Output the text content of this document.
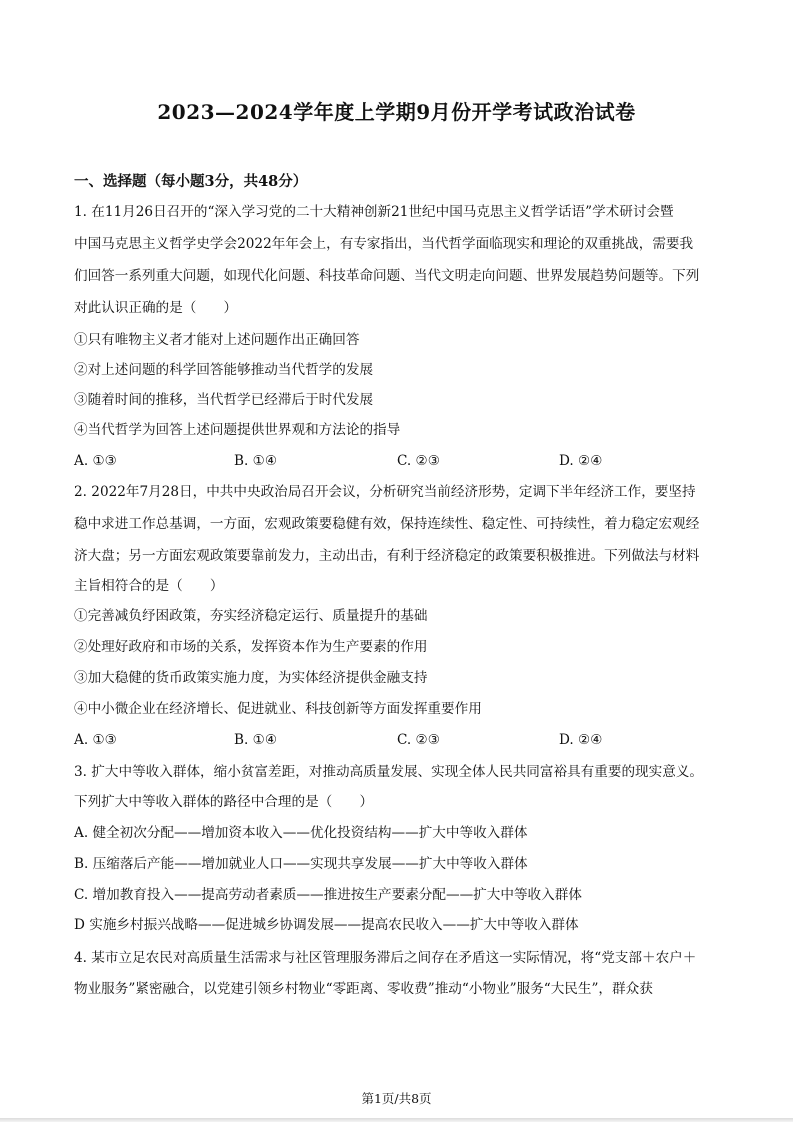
2023—2024学年度上学期9月份开学考试政治试卷
一、选择题（每小题3分，共48分）
1. 在11月26日召开的“深入学习党的二十大精神创新21世纪中国马克思主义哲学话语”学术研讨会暨
中国马克思主义哲学史学会2022年年会上，有专家指出，当代哲学面临现实和理论的双重挑战，需要我
们回答一系列重大问题，如现代化问题、科技革命问题、当代文明走向问题、世界发展趋势问题等。下列
对此认识正确的是（　　）
①只有唯物主义者才能对上述问题作出正确回答
②对上述问题的科学回答能够推动当代哲学的发展
③随着时间的推移，当代哲学已经滞后于时代发展
④当代哲学为回答上述问题提供世界观和方法论的指导
A. ①③	B. ①④	C. ②③	D. ②④
2. 2022年7月28日，中共中央政治局召开会议，分析研究当前经济形势，定调下半年经济工作，要坚持
稳中求进工作总基调，一方面，宏观政策要稳健有效，保持连续性、稳定性、可持续性，着力稳定宏观经
济大盘；另一方面宏观政策要靠前发力，主动出击，有利于经济稳定的政策要积极推进。下列做法与材料
主旨相符合的是（　　）
①完善减负纾困政策，夯实经济稳定运行、质量提升的基础
②处理好政府和市场的关系，发挥资本作为生产要素的作用
③加大稳健的货币政策实施力度，为实体经济提供金融支持
④中小微企业在经济增长、促进就业、科技创新等方面发挥重要作用
A. ①③	B. ①④	C. ②③	D. ②④
3. 扩大中等收入群体，缩小贫富差距，对推动高质量发展、实现全体人民共同富裕具有重要的现实意义。
下列扩大中等收入群体的路径中合理的是（　　）
A. 健全初次分配——增加资本收入——优化投资结构——扩大中等收入群体
B. 压缩落后产能——增加就业人口——实现共享发展——扩大中等收入群体
C. 增加教育投入——提高劳动者素质——推进按生产要素分配——扩大中等收入群体
D 实施乡村振兴战略——促进城乡协调发展——提高农民收入——扩大中等收入群体
4. 某市立足农民对高质量生活需求与社区管理服务滞后之间存在矛盾这一实际情况，将“党支部＋农户＋
物业服务”紧密融合，以党建引领乡村物业“零距离、零收费”推动“小物业”服务“大民生”，群众获
第1页/共8页
